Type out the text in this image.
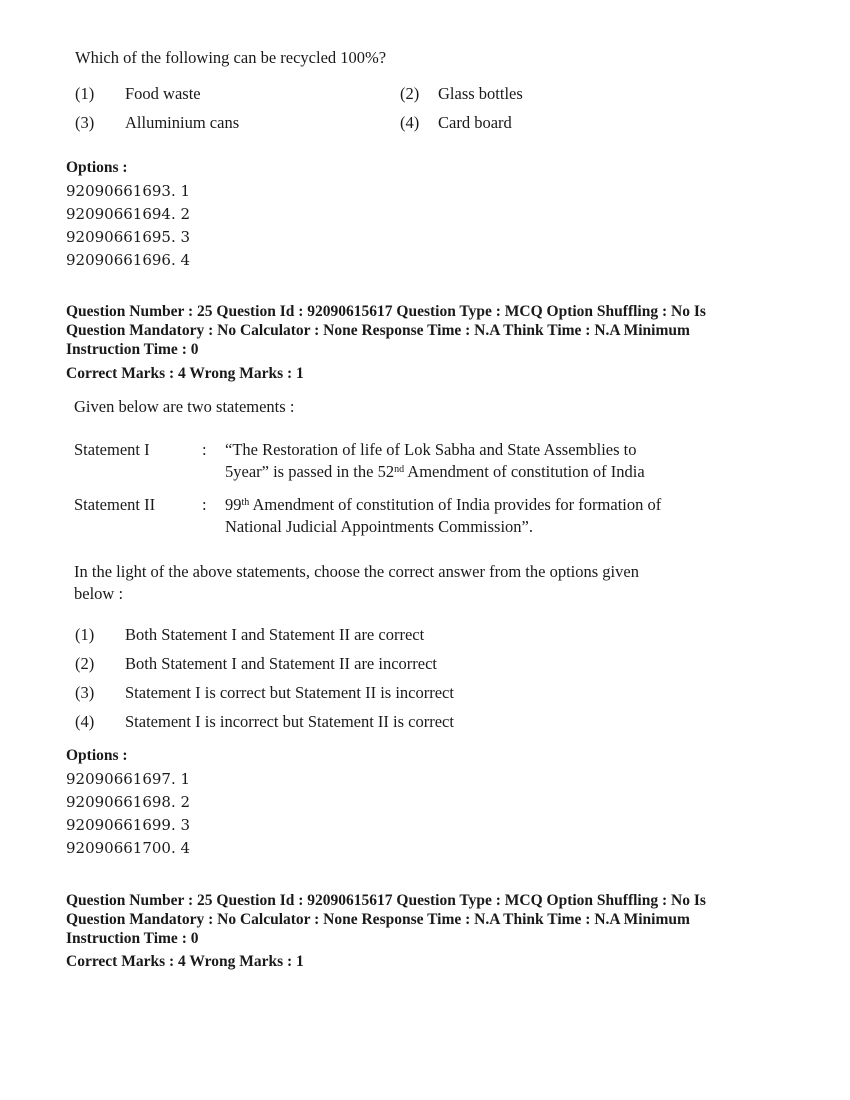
Which of the following can be recycled 100%?
(1) Food waste	(2) Glass bottles
(3) Alluminium cans	(4) Card board
Options :
92090661693. 1
92090661694. 2
92090661695. 3
92090661696. 4
Question Number : 25 Question Id : 92090615617 Question Type : MCQ Option Shuffling : No Is
Question Mandatory : No Calculator : None Response Time : N.A Think Time : N.A Minimum
Instruction Time : 0
Correct Marks : 4 Wrong Marks : 1
Given below are two statements :
Statement I	: “The Restoration of life of Lok Sabha and State Assemblies to
5year” is passed in the 52nd Amendment of constitution of India
Statement II	: 99th Amendment of constitution of India provides for formation of
National Judicial Appointments Commission”.
In the light of the above statements, choose the correct answer from the options given
below :
(1) Both Statement I and Statement II are correct
(2) Both Statement I and Statement II are incorrect
(3) Statement I is correct but Statement II is incorrect
(4) Statement I is incorrect but Statement II is correct
Options :
92090661697. 1
92090661698. 2
92090661699. 3
92090661700. 4
Question Number : 25 Question Id : 92090615617 Question Type : MCQ Option Shuffling : No Is
Question Mandatory : No Calculator : None Response Time : N.A Think Time : N.A Minimum
Instruction Time : 0
Correct Marks : 4 Wrong Marks : 1
